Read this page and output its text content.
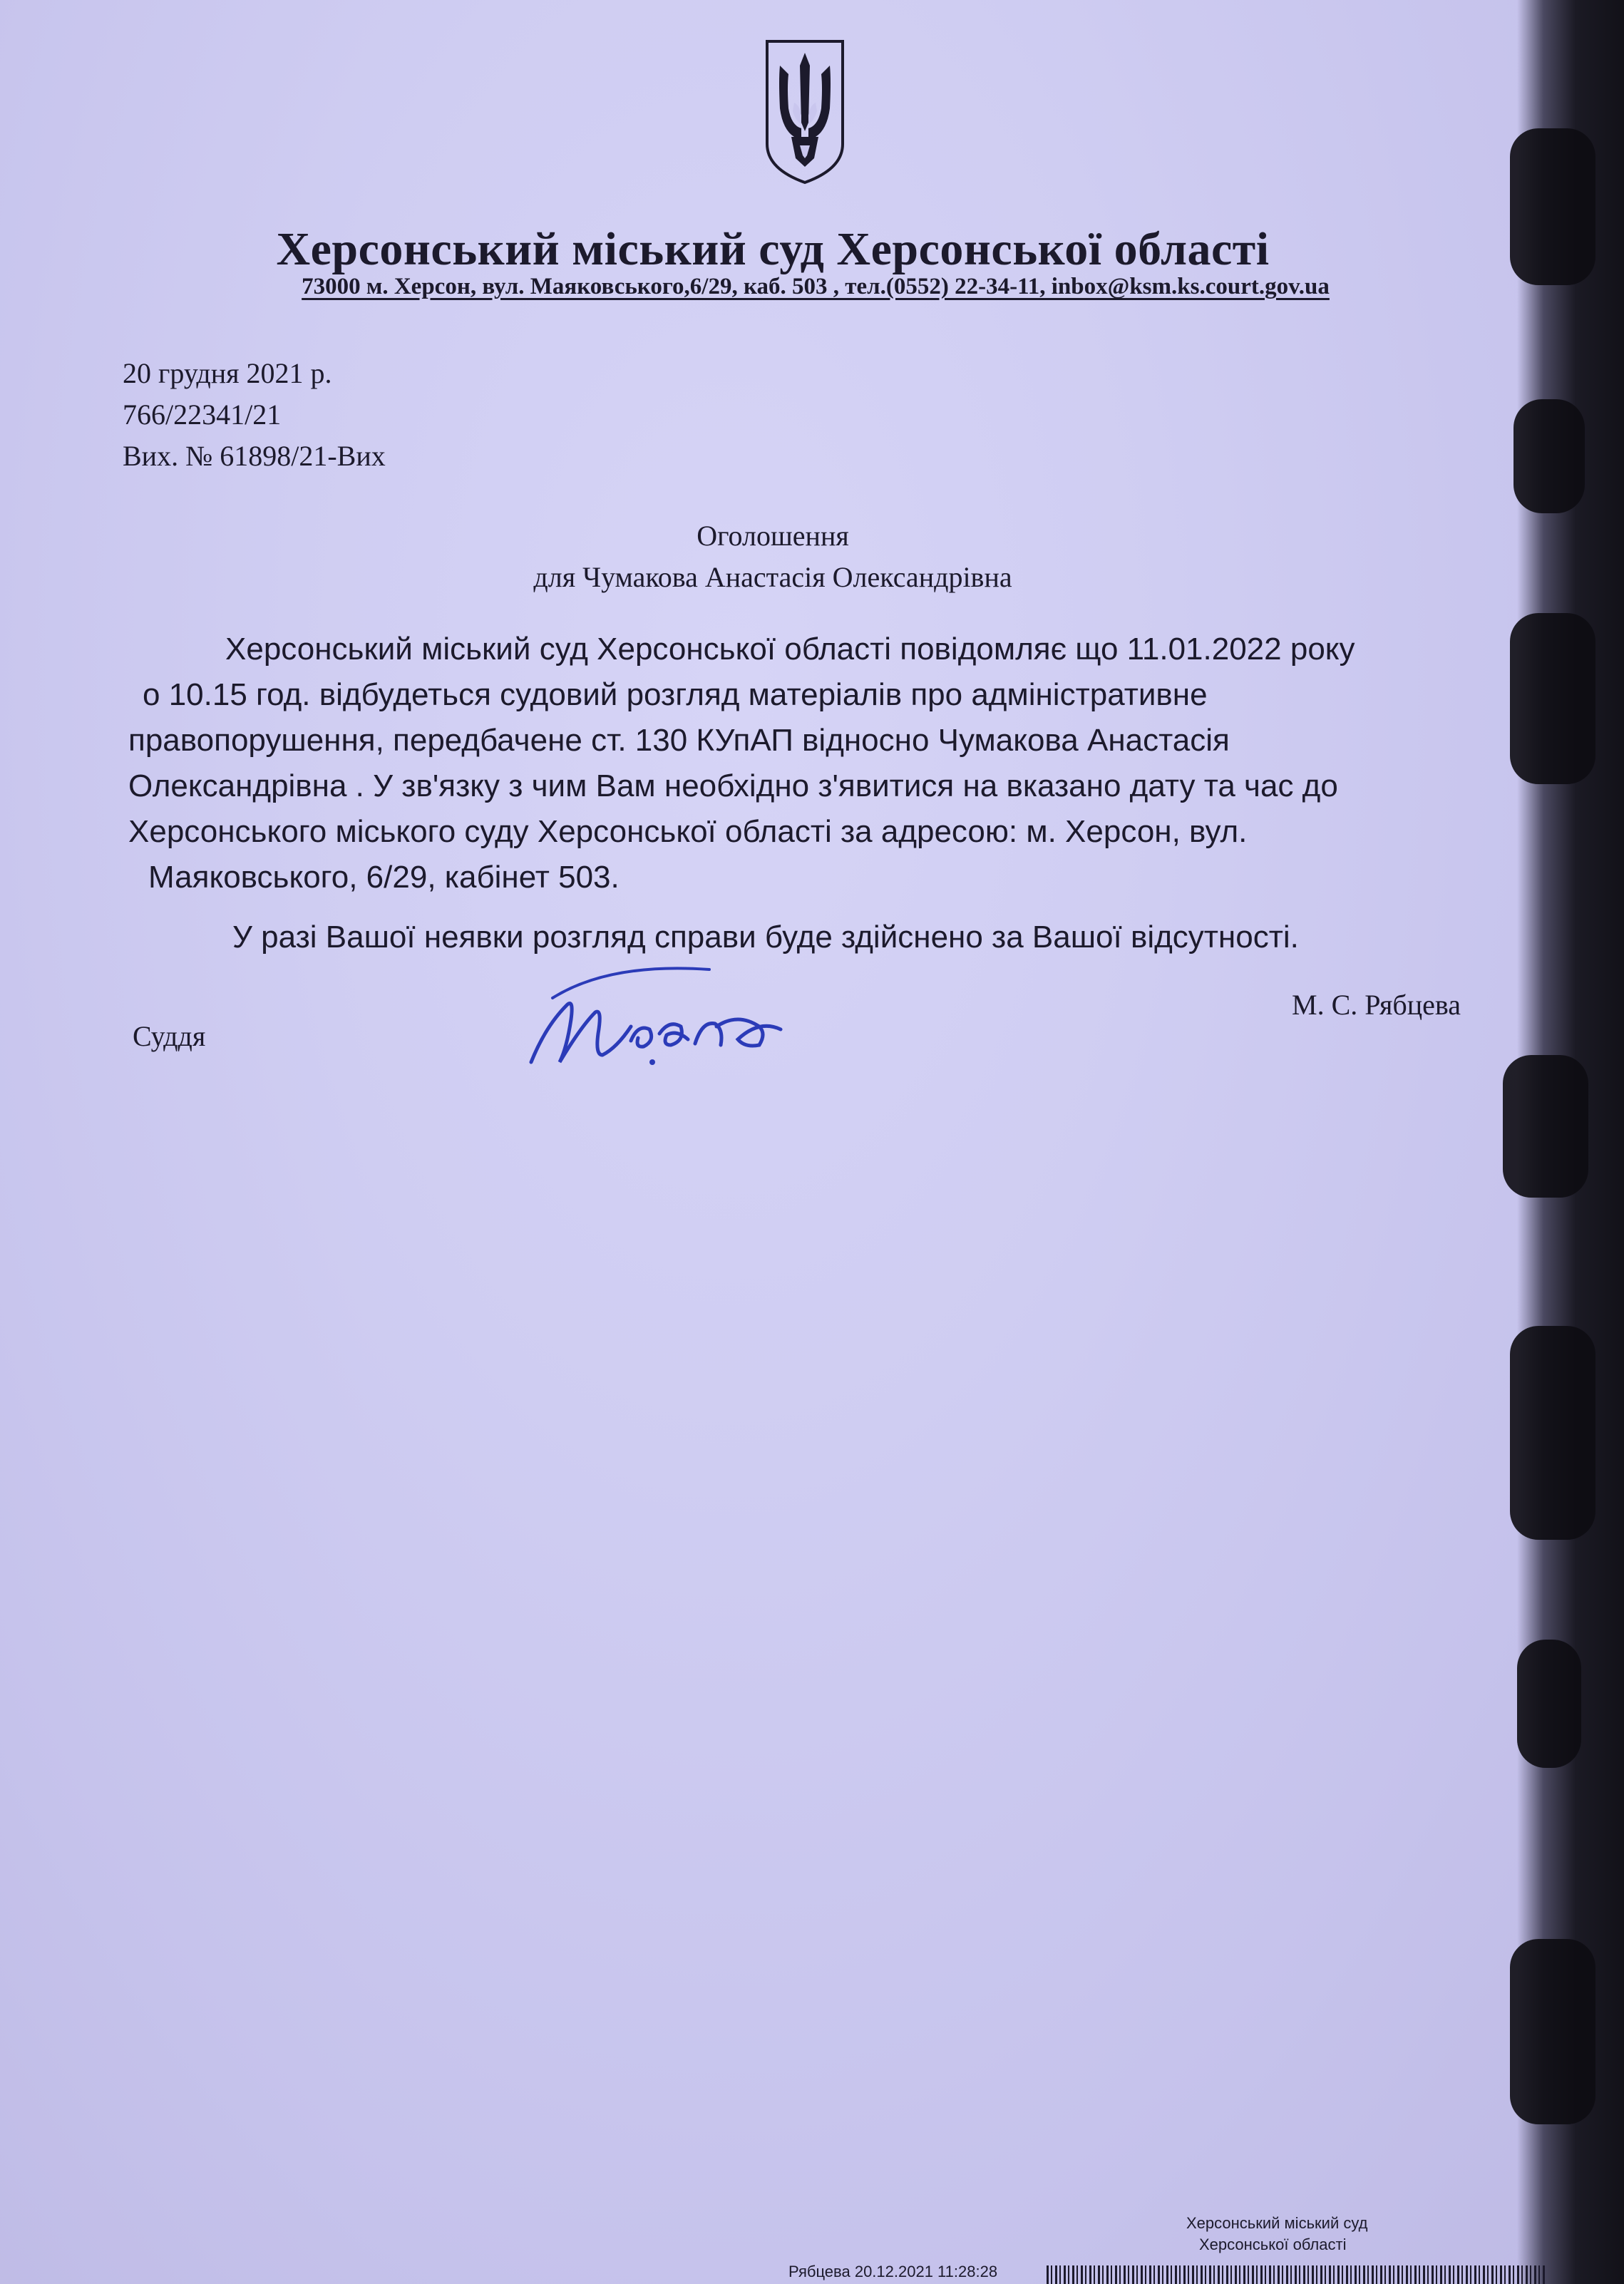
Херсонський міський суд Херсонської області
73000 м. Херсон, вул. Маяковського,6/29, каб. 503 , тел.(0552) 22-34-11, inbox@ksm.ks.court.gov.ua
20 грудня 2021 р.
766/22341/21
Вих. № 61898/21-Вих
Оголошення
для Чумакова Анастасія Олександрівна
Херсонський міський суд Херсонської області повідомляє що 11.01.2022 року
о 10.15 год. відбудеться судовий розгляд матеріалів про адміністративне
правопорушення, передбачене ст. 130 КУпАП відносно Чумакова Анастасія
Олександрівна . У зв'язку з чим Вам необхідно з'явитися на вказано дату та час до
Херсонського міського суду Херсонської області за адресою: м. Херсон, вул.
Маяковського, 6/29, кабінет 503.
У разі Вашої неявки розгляд справи буде здійснено за Вашої відсутності.
Суддя
М. С. Рябцева
Херсонський міський суд
Херсонської області
Рябцева 20.12.2021 11:28:28
